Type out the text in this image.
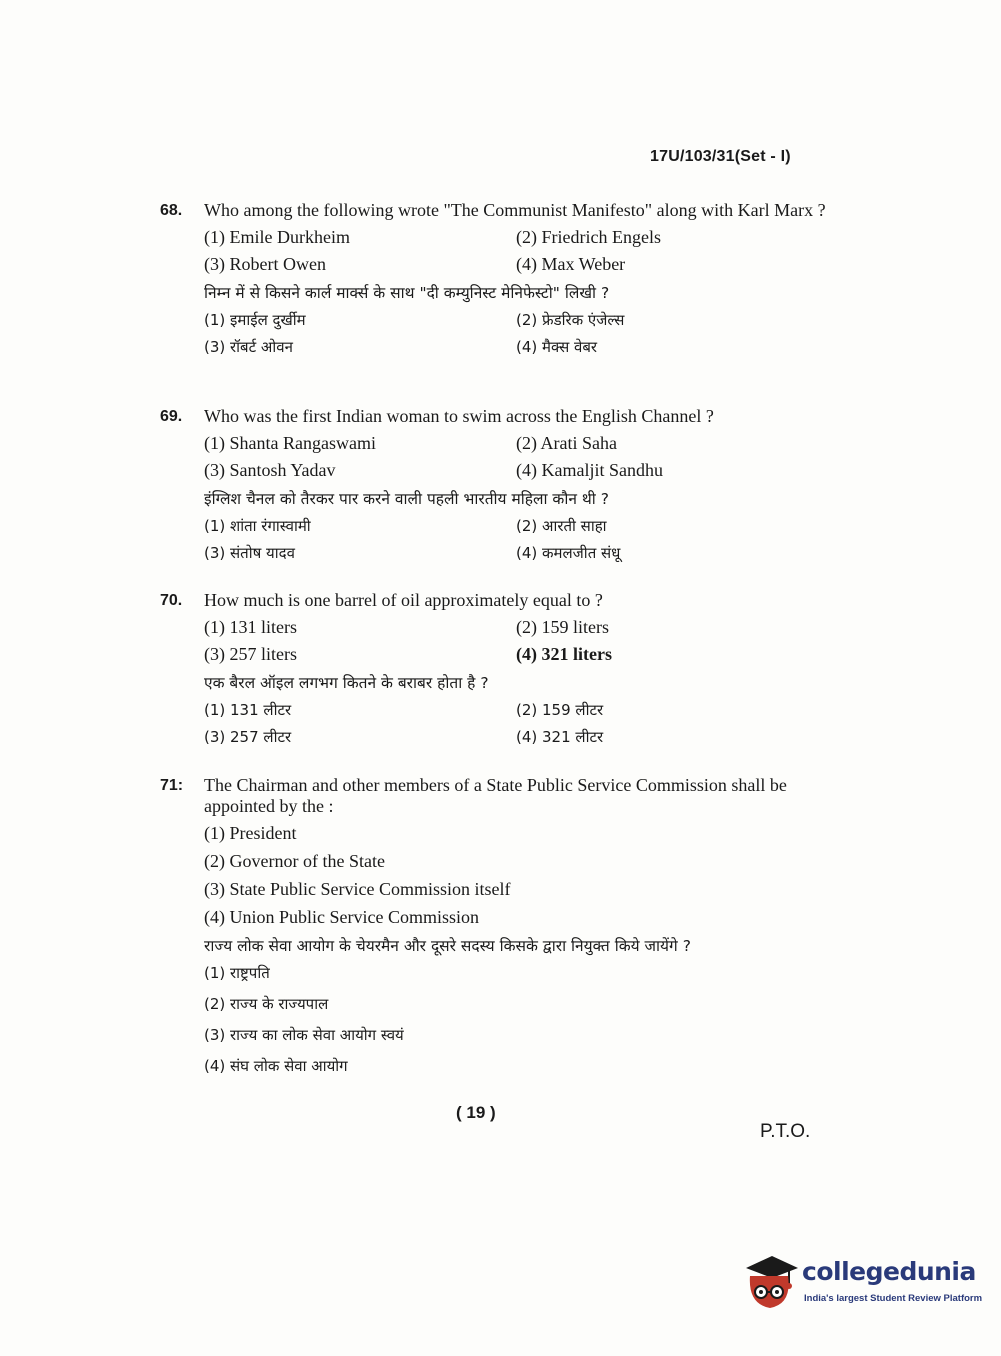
17U/103/31(Set - I)
68.	Who among the following wrote "The Communist Manifesto" along with Karl Marx ?
(1) Emile Durkheim	(2) Friedrich Engels
(3) Robert Owen	(4) Max Weber
निम्न में से किसने कार्ल मार्क्स के साथ "दी कम्युनिस्ट मेनिफेस्टो" लिखी ?
(1) इमाईल दुर्खीम	(2) फ्रेडरिक एंजेल्स
(3) रॉबर्ट ओवन	(4) मैक्स वेबर
69.	Who was the first Indian woman to swim across the English Channel ?
(1) Shanta Rangaswami	(2) Arati Saha
(3) Santosh Yadav	(4) Kamaljit Sandhu
इंग्लिश चैनल को तैरकर पार करने वाली पहली भारतीय महिला कौन थी ?
(1) शांता रंगास्वामी	(2) आरती साहा
(3) संतोष यादव	(4) कमलजीत संधू
70.	How much is one barrel of oil approximately equal to ?
(1) 131 liters	(2) 159 liters
(3) 257 liters	(4) 321 liters
एक बैरल ऑइल लगभग कितने के बराबर होता है ?
(1) 131 लीटर	(2) 159 लीटर
(3) 257 लीटर	(4) 321 लीटर
71:	The Chairman and other members of a State Public Service Commission shall be appointed by the :
(1) President
(2) Governor of the State
(3) State Public Service Commission itself
(4) Union Public Service Commission
राज्य लोक सेवा आयोग के चेयरमैन और दूसरे सदस्य किसके द्वारा नियुक्त किये जायेंगे ?
(1) राष्ट्रपति
(2) राज्य के राज्यपाल
(3) राज्य का लोक सेवा आयोग स्वयं
(4) संघ लोक सेवा आयोग
( 19 )
P.T.O.
collegedunia
India's largest Student Review Platform
